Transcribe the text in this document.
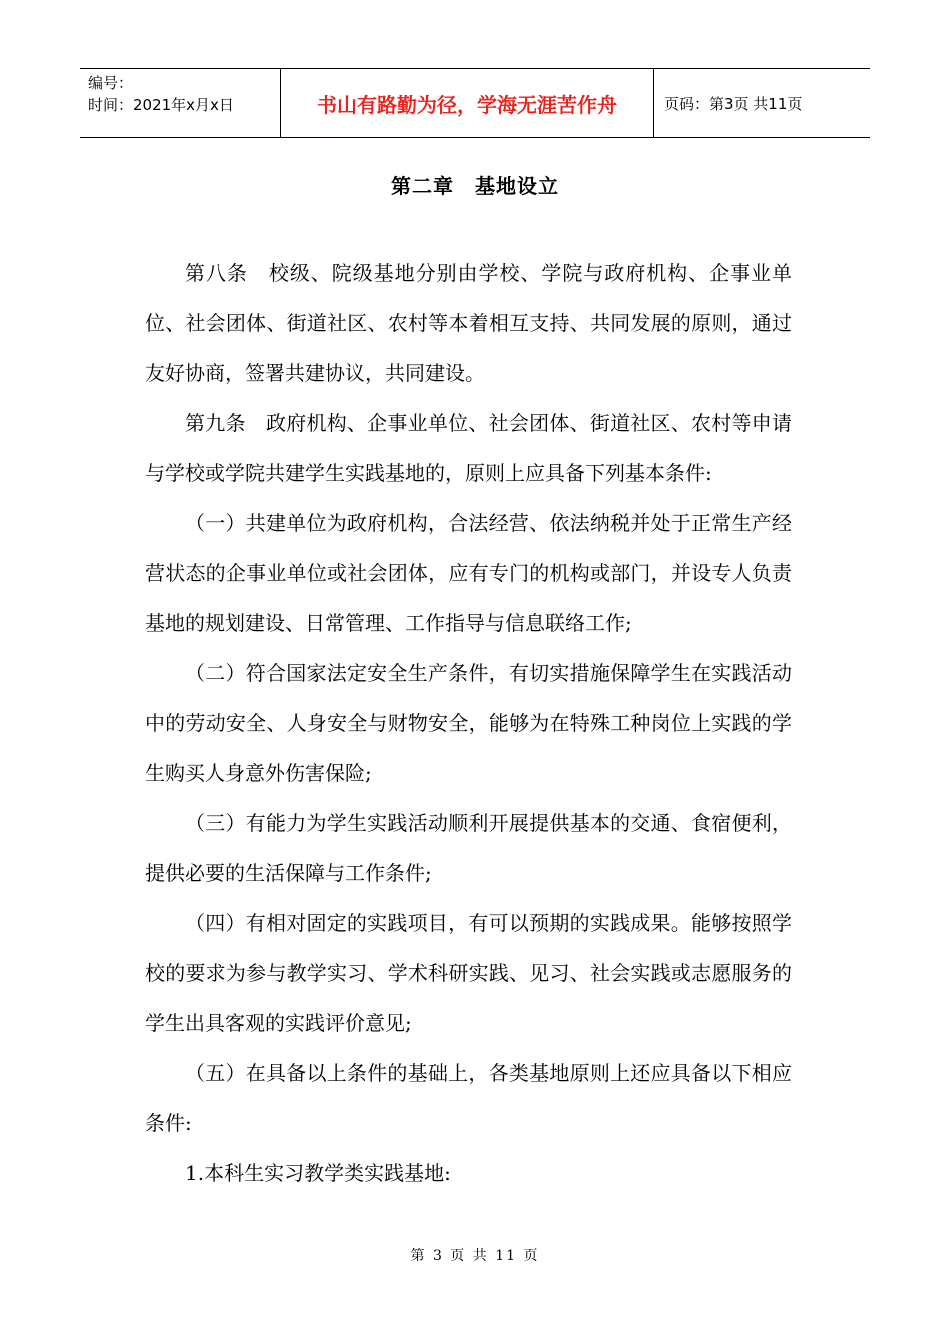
编号：
时间：2021年x月x日	书山有路勤为径，学海无涯苦作舟	页码：第3页 共11页
第二章　基地设立

第八条　校级、院级基地分别由学校、学院与政府机构、企事业单位、社会团体、街道社区、农村等本着相互支持、共同发展的原则，通过友好协商，签署共建协议，共同建设。

第九条　政府机构、企事业单位、社会团体、街道社区、农村等申请与学校或学院共建学生实践基地的，原则上应具备下列基本条件:

（一）共建单位为政府机构，合法经营、依法纳税并处于正常生产经营状态的企事业单位或社会团体，应有专门的机构或部门，并设专人负责基地的规划建设、日常管理、工作指导与信息联络工作;

（二）符合国家法定安全生产条件，有切实措施保障学生在实践活动中的劳动安全、人身安全与财物安全，能够为在特殊工种岗位上实践的学生购买人身意外伤害保险;

（三）有能力为学生实践活动顺利开展提供基本的交通、食宿便利，提供必要的生活保障与工作条件;

（四）有相对固定的实践项目，有可以预期的实践成果。能够按照学校的要求为参与教学实习、学术科研实践、见习、社会实践或志愿服务的学生出具客观的实践评价意见;

（五）在具备以上条件的基础上，各类基地原则上还应具备以下相应条件:

1.本科生实习教学类实践基地:

第 3 页 共 11 页
